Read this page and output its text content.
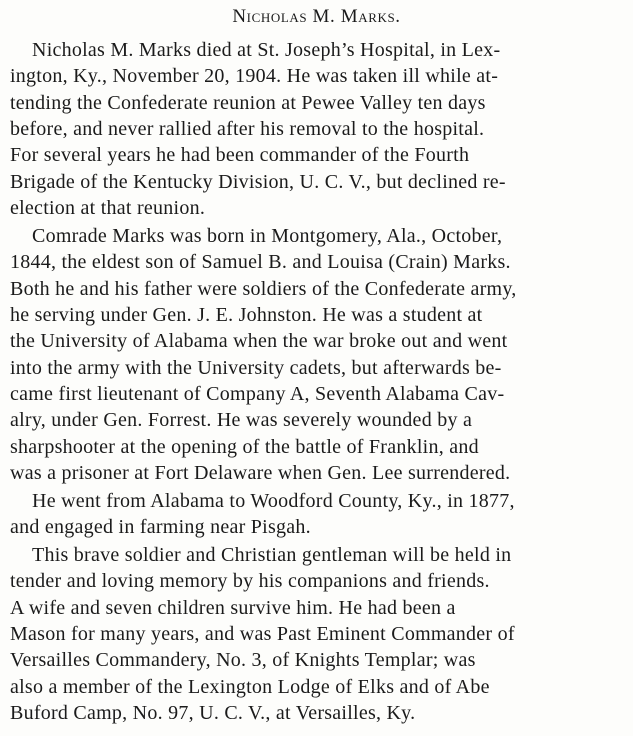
Nicholas M. Marks.
Nicholas M. Marks died at St. Joseph’s Hospital, in Lex-
ington, Ky., November 20, 1904. He was taken ill while at-
tending the Confederate reunion at Pewee Valley ten days
before, and never rallied after his removal to the hospital.
For several years he had been commander of the Fourth
Brigade of the Kentucky Division, U. C. V., but declined re-
election at that reunion.
Comrade Marks was born in Montgomery, Ala., October,
1844, the eldest son of Samuel B. and Louisa (Crain) Marks.
Both he and his father were soldiers of the Confederate army,
he serving under Gen. J. E. Johnston. He was a student at
the University of Alabama when the war broke out and went
into the army with the University cadets, but afterwards be-
came first lieutenant of Company A, Seventh Alabama Cav-
alry, under Gen. Forrest. He was severely wounded by a
sharpshooter at the opening of the battle of Franklin, and
was a prisoner at Fort Delaware when Gen. Lee surrendered.
He went from Alabama to Woodford County, Ky., in 1877,
and engaged in farming near Pisgah.
This brave soldier and Christian gentleman will be held in
tender and loving memory by his companions and friends.
A wife and seven children survive him. He had been a
Mason for many years, and was Past Eminent Commander of
Versailles Commandery, No. 3, of Knights Templar; was
also a member of the Lexington Lodge of Elks and of Abe
Buford Camp, No. 97, U. C. V., at Versailles, Ky.
